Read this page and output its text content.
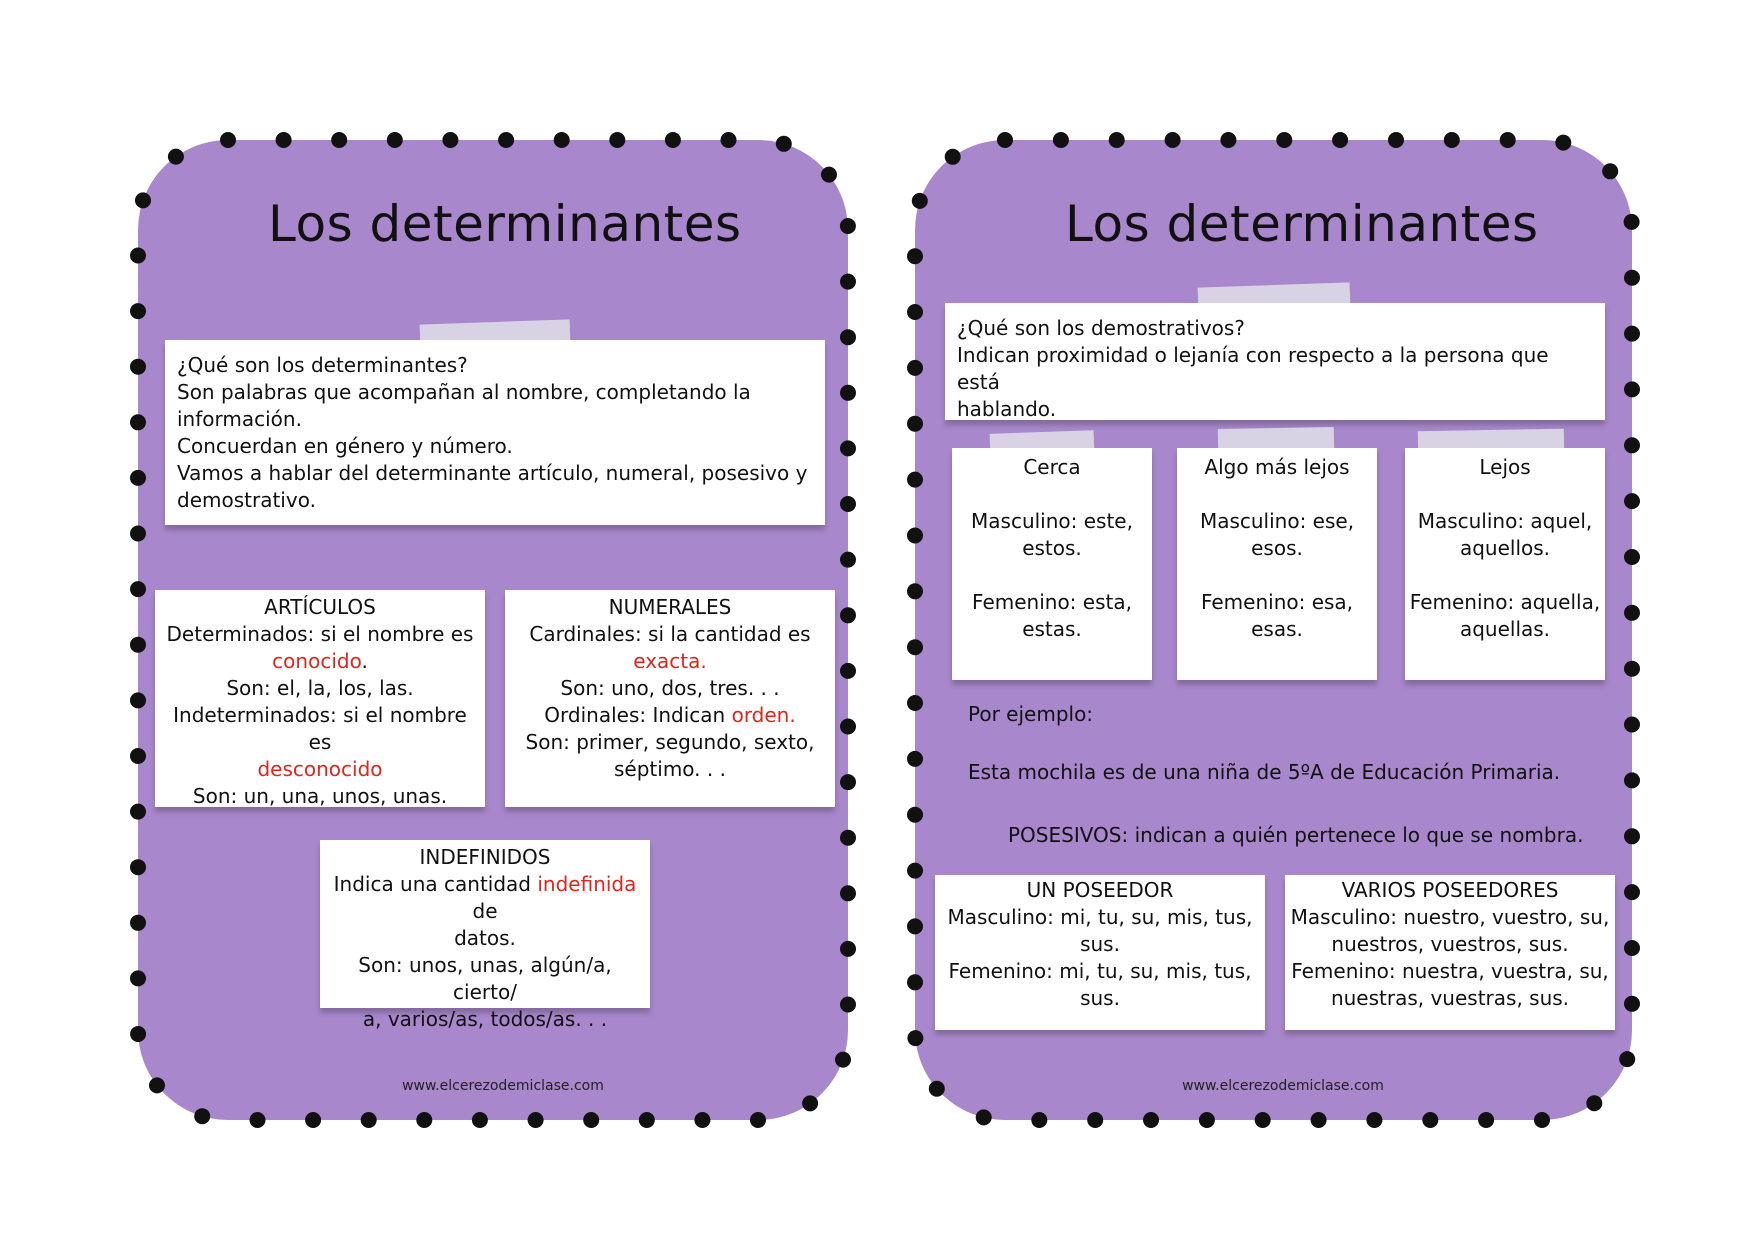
Los determinantes
¿Qué son los determinantes?
Son palabras que acompañan al nombre, completando la
información.
Concuerdan en género y número.
Vamos a hablar del determinante artículo, numeral, posesivo y
demostrativo.
ARTÍCULOS
Determinados: si el nombre es
conocido.
Son: el, la, los, las.
Indeterminados: si el nombre es
desconocido
Son: un, una, unos, unas.
NUMERALES
Cardinales: si la cantidad es
exacta.
Son: uno, dos, tres. . .
Ordinales: Indican orden.
Son: primer, segundo, sexto,
séptimo. . .
INDEFINIDOS
Indica una cantidad indefinida de
datos.
Son: unos, unas, algún/a, cierto/
a, varios/as, todos/as. . .
www.elcerezodemiclase.com
Los determinantes
¿Qué son los demostrativos?
Indican proximidad o lejanía con respecto a la persona que está
hablando.
Cerca

Masculino: este,
estos.

Femenino: esta,
estas.
Algo más lejos

Masculino: ese,
esos.

Femenino: esa,
esas.
Lejos

Masculino: aquel,
aquellos.

Femenino: aquella,
aquellas.
Por ejemplo:
Esta mochila es de una niña de 5ºA de Educación Primaria.
POSESIVOS: indican a quién pertenece lo que se nombra.
UN POSEEDOR
Masculino: mi, tu, su, mis, tus, sus.
Femenino: mi, tu, su, mis, tus, sus.
VARIOS POSEEDORES
Masculino: nuestro, vuestro, su,
nuestros, vuestros, sus.
Femenino: nuestra, vuestra, su,
nuestras, vuestras, sus.
www.elcerezodemiclase.com
